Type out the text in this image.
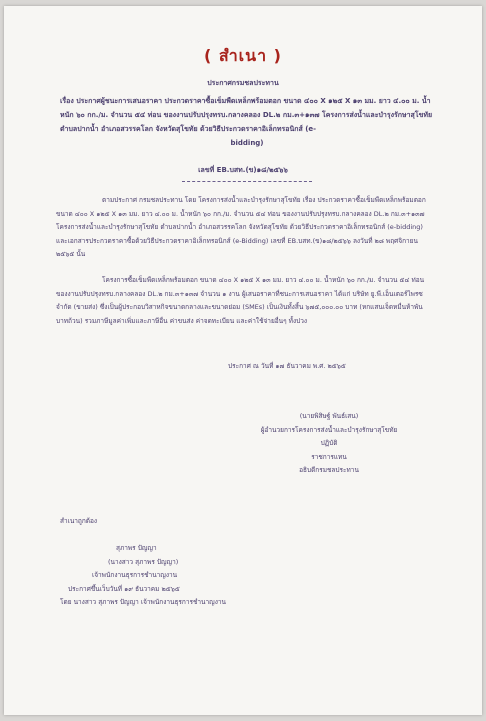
( สำเนา )
ประกาศกรมชลประทาน
เรื่อง ประกาศผู้ชนะการเสนอราคา ประกวดราคาซื้อเข็มพืดเหล็กพร้อมตอก ขนาด ๔๐๐ X ๑๒๕ X ๑๓ มม. ยาว ๔.๐๐ ม. น้ำหนัก ๖๐ กก./ม. จำนวน ๕๔ ท่อน ของงานปรับปรุงทรบ.กลางคลอง DL.๒ กม.๓+๑๓๗ โครงการส่งน้ำและบำรุงรักษาสุโขทัย ตำบลปากน้ำ อำเภอสวรรคโลก จังหวัดสุโขทัย ด้วยวิธีประกวดราคาอิเล็กทรอนิกส์ (e-
bidding)
เลขที่ EB.บสท.(ข)๑๘/๒๕๖๖
ตามประกาศ กรมชลประทาน โดย โครงการส่งน้ำและบำรุงรักษาสุโขทัย เรื่อง ประกวดราคาซื้อเข็มพืดเหล็กพร้อมตอก ขนาด ๔๐๐ X ๑๒๕ X ๑๓ มม. ยาว ๔.๐๐ ม. น้ำหนัก ๖๐ กก./ม. จำนวน ๕๔ ท่อน ของงานปรับปรุงทรบ.กลางคลอง DL.๒ กม.๓+๑๓๗ โครงการส่งน้ำและบำรุงรักษาสุโขทัย ตำบลปากน้ำ อำเภอสวรรคโลก จังหวัดสุโขทัย ด้วยวิธีประกวดราคาอิเล็กทรอนิกส์ (e-bidding) และเอกสารประกวดราคาซื้อด้วยวิธีประกวดราคาอิเล็กทรอนิกส์ (e-Bidding) เลขที่ EB.บสท.(ข)๑๘/๒๕๖๖ ลงวันที่ ๒๘ พฤศจิกายน ๒๕๖๕ นั้น
โครงการซื้อเข็มพืดเหล็กพร้อมตอก ขนาด ๔๐๐ X ๑๒๕ X ๑๓ มม. ยาว ๔.๐๐ ม. น้ำหนัก ๖๐ กก./ม. จำนวน ๕๔ ท่อน ของงานปรับปรุงทรบ.กลางคลอง DL.๒ กม.๓+๑๓๗ จำนวน ๑ งาน ผู้เสนอราคาที่ชนะการเสนอราคา ได้แก่ บริษัท ยู.พี.เอ็นเตอร์ไพรซ จำกัด (ขายส่ง) ซึ่งเป็นผู้ประกอบวิสาหกิจขนาดกลางและขนาดย่อม (SMEs) เป็นเงินทั้งสิ้น ๖๗๕,๐๐๐.๐๐ บาท (หกแสนเจ็ดหมื่นห้าพันบาทถ้วน) รวมภาษีมูลค่าเพิ่มและภาษีอื่น ค่าขนส่ง ค่าจดทะเบียน และค่าใช้จ่ายอื่นๆ ทั้งปวง
ประกาศ ณ วันที่ ๑๗ ธันวาคม พ.ศ. ๒๕๖๕
(นายพิสิษฐ์ พันธ์เสน)
ผู้อำนวยการโครงการส่งน้ำและบำรุงรักษาสุโขทัย ปฏิบัติ
ราชการแทน
อธิบดีกรมชลประทาน
สำเนาถูกต้อง
สุภาพร ปัญญา
(นางสาว สุภาพร ปัญญา)
เจ้าพนักงานธุรการชำนาญงาน
ประกาศขึ้นเว็บวันที่ ๑๙ ธันวาคม ๒๕๖๕
โดย นางสาว สุภาพร ปัญญา เจ้าพนักงานธุรการชำนาญงาน
